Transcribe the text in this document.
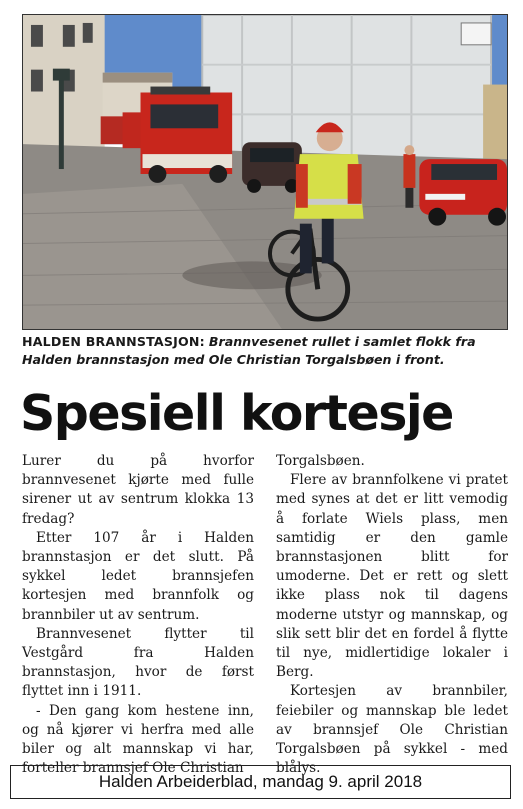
HALDEN BRANNSTASJON: Brannvesenet rullet i samlet flokk fra Halden brannstasjon med Ole Christian Torgalsbøen i front.
Spesiell kortesje

Lurer du på hvorfor brannvesenet kjørte med fulle sirener ut av sentrum klokka 13 fredag?

Etter 107 år i Halden brannstasjon er det slutt. På sykkel ledet brannsjefen kortesjen med brannfolk og brannbiler ut av sentrum.

Brannvesenet flytter til Vestgård fra Halden brannstasjon, hvor de først flyttet inn i 1911.

- Den gang kom hestene inn, og nå kjører vi herfra med alle biler og alt mannskap vi har, forteller brannsjef Ole Christian

Torgalsbøen.

Flere av brannfolkene vi pratet med synes at det er litt vemodig å forlate Wiels plass, men samtidig er den gamle brannstasjonen blitt for umoderne. Det er rett og slett ikke plass nok til dagens moderne utstyr og mannskap, og slik sett blir det en fordel å flytte til nye, midlertidige lokaler i Berg.

Kortesjen av brannbiler, feiebiler og mannskap ble ledet av brannsjef Ole Christian Torgalsbøen på sykkel - med blålys.

Halden Arbeiderblad, mandag 9. april 2018
